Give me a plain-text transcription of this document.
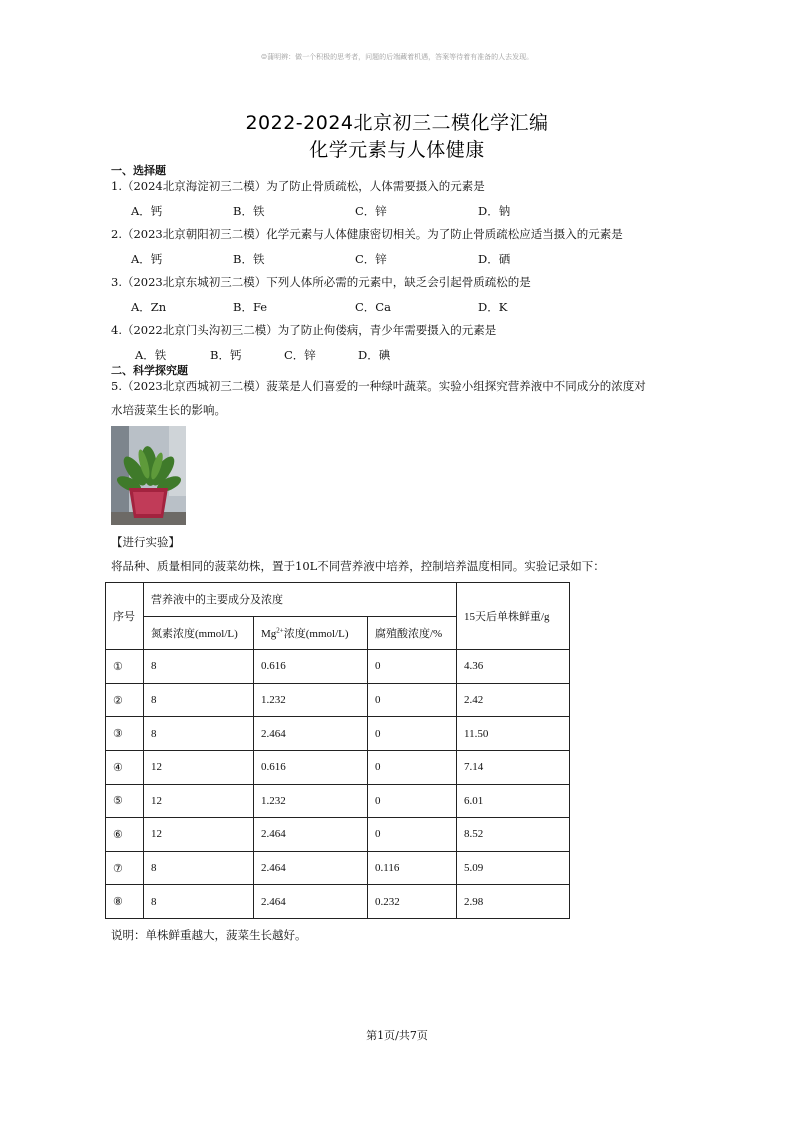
☺蒲明辨：做一个积极的思考者，问题的后端藏着机遇，答案等待着有准备的人去发现。
2022-2024北京初三二模化学汇编
化学元素与人体健康
一、选择题
1.（2024北京海淀初三二模）为了防止骨质疏松，人体需要摄入的元素是
A．钙	B．铁	C．锌	D．钠
2.（2023北京朝阳初三二模）化学元素与人体健康密切相关。为了防止骨质疏松应适当摄入的元素是
A．钙	B．铁	C．锌	D．硒
3.（2023北京东城初三二模）下列人体所必需的元素中，缺乏会引起骨质疏松的是
A．Zn	B．Fe	C．Ca	D．K
4.（2022北京门头沟初三二模）为了防止佝偻病，青少年需要摄入的元素是
A．铁	B．钙	C．锌	D．碘
二、科学探究题
5.（2023北京西城初三二模）菠菜是人们喜爱的一种绿叶蔬菜。实验小组探究营养液中不同成分的浓度对
水培菠菜生长的影响。
【进行实验】
将品种、质量相同的菠菜幼株，置于10L不同营养液中培养，控制培养温度相同。实验记录如下：
序号	营养液中的主要成分及浓度			15天后单株鲜重/g
	氮素浓度(mmol/L)	$Mg^{2+}$浓度(mmol/L)	腐殖酸浓度/%	
①	8	0.616	0	4.36
②	8	1.232	0	2.42
③	8	2.464	0	11.50
④	12	0.616	0	7.14
⑤	12	1.232	0	6.01
⑥	12	2.464	0	8.52
⑦	8	2.464	0.116	5.09
⑧	8	2.464	0.232	2.98
说明：单株鲜重越大，菠菜生长越好。
第1页/共7页
